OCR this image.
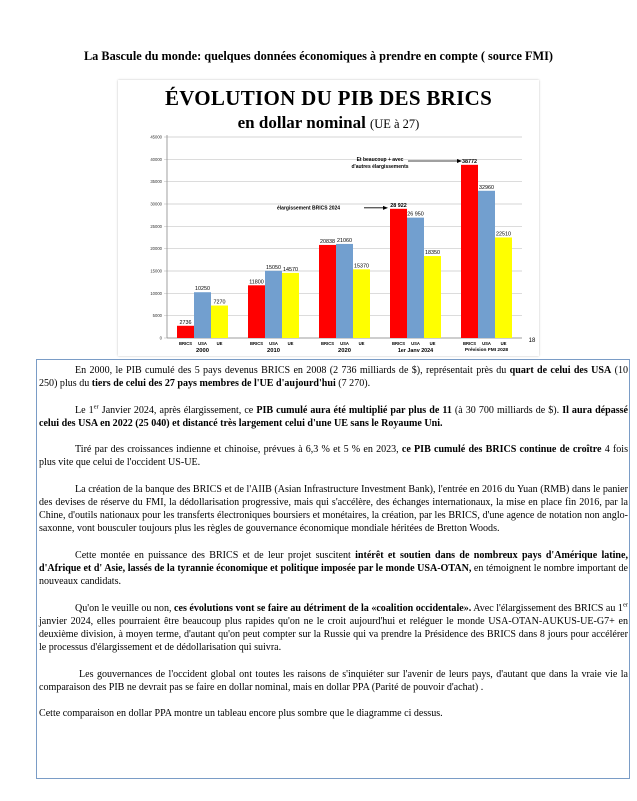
La Bascule du monde: quelques données économiques à prendre en compte ( source FMI)
ÉVOLUTION DU PIB DES BRICS
en dollar nominal (UE à 27)
0
5000
10000
15000
20000
25000
30000
35000
40000
45000
2736
BRICS
10250
USA
7270
UE
2000
11800
BRICS
15050
USA
14570
UE
2010
20838
BRICS
21060
USA
15370
UE
2020
28 922
BRICS
26 950
USA
18350
UE
1er Janv 2024
38772
BRICS
32960
USA
22510
UE
Prévision FMI 2028
élargissement BRICS 2024
Et beaucoup + avec
d'autres élargissements
18

En 2000, le PIB cumulé des 5 pays devenus BRICS en 2008 (2 736 milliards de $), représentait près du quart de celui des USA (10 250) plus du tiers de celui des 27 pays membres de l'UE d'aujourd'hui (7 270).

Le 1er Janvier 2024, après élargissement, ce PIB cumulé aura été multiplié par plus de 11 (à 30 700 milliards de $). Il aura dépassé celui des USA en 2022 (25 040) et distancé très largement celui d'une UE sans le Royaume Uni.

Tiré par des croissances indienne et chinoise, prévues à 6,3 % et 5 % en 2023, ce PIB cumulé des BRICS continue de croître 4 fois plus vite que celui de l'occident US-UE.

La création de la banque des BRICS et de l'AIIB (Asian Infrastructure Investment Bank), l'entrée en 2016 du Yuan (RMB) dans le panier des devises de réserve du FMI, la dédollarisation progressive, mais qui s'accélère, des échanges internationaux, la mise en place fin 2016, par la Chine, d'outils nationaux pour les transferts électroniques boursiers et monétaires, la création, par les BRICS, d'une agence de notation non anglo-saxonne, vont bousculer toujours plus les règles de gouvernance économique mondiale héritées de Bretton Woods.

Cette montée en puissance des BRICS et de leur projet suscitent intérêt et soutien dans de nombreux pays d'Amérique latine, d'Afrique et d' Asie, lassés de la tyrannie économique et politique imposée par le monde USA-OTAN, en témoignent le nombre important de nouveaux candidats.

Qu'on le veuille ou non, ces évolutions vont se faire au détriment de la «coalition occidentale». Avec l'élargissement des BRICS au 1er janvier 2024, elles pourraient être beaucoup plus rapides qu'on ne le croit aujourd'hui et reléguer le monde USA-OTAN-AUKUS-UE-G7+ en deuxième division, à moyen terme, d'autant qu'on peut compter sur la Russie qui va prendre la Présidence des BRICS dans 8 jours pour accélérer le processus d'élargissement et de dédollarisation qui suivra.

Les gouvernances de l'occident global ont toutes les raisons de s'inquiéter sur l'avenir de leurs pays, d'autant que dans la vraie vie la comparaison des PIB ne devrait pas se faire en dollar nominal, mais en dollar PPA (Parité de pouvoir d'achat) .

Cette comparaison en dollar PPA montre un tableau encore plus sombre que le diagramme ci dessus.
